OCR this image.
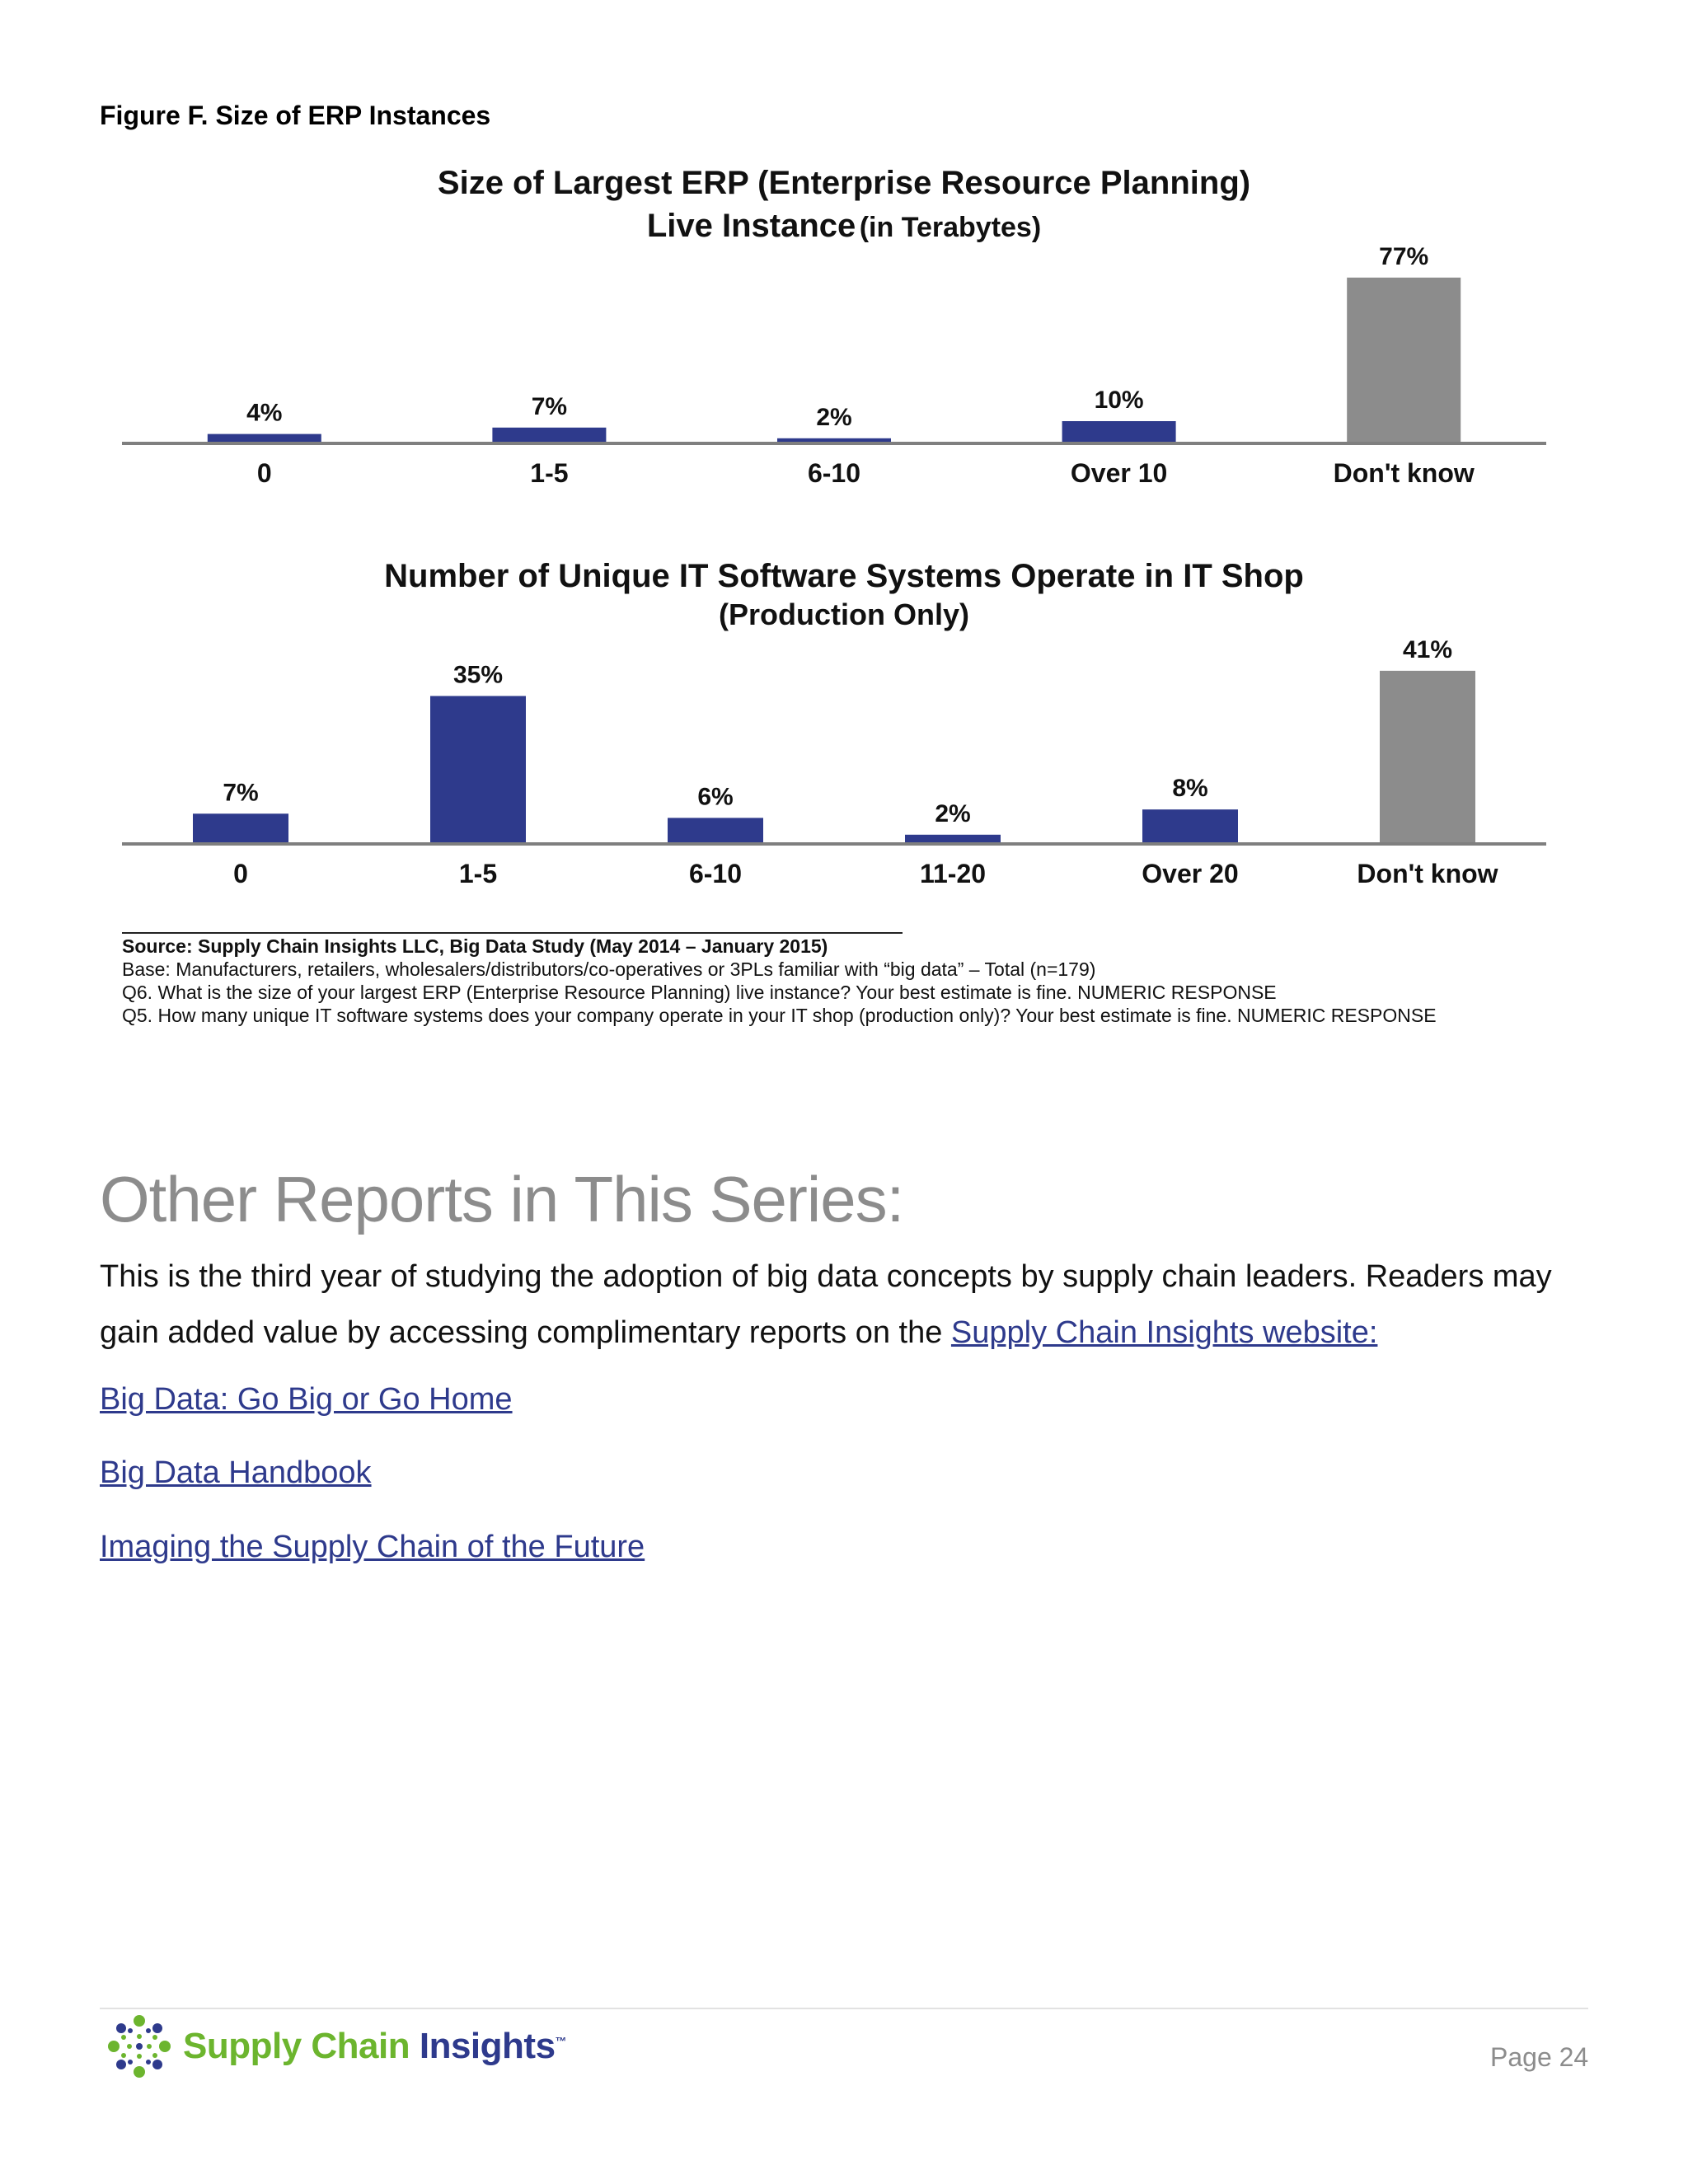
Figure F. Size of ERP Instances
Size of Largest ERP (Enterprise Resource Planning)
Live Instance (in Terabytes)
4%	7%	2%
10%
77%
0	1-5	6-10	Over 10	Don't know
Number of Unique IT Software Systems Operate in IT Shop
(Production Only)
7%
35%
6%
2%
8%
41%
0	1-5	6-10	11-20	Over 20	Don't know
Source: Supply Chain Insights LLC, Big Data Study (May 2014 – January 2015)
Base: Manufacturers, retailers, wholesalers/distributors/co-operatives or 3PLs familiar with “big data” – Total (n=179)
Q6. What is the size of your largest ERP (Enterprise Resource Planning) live instance? Your best estimate is fine. NUMERIC RESPONSE
Q5. How many unique IT software systems does your company operate in your IT shop (production only)? Your best estimate is fine. NUMERIC RESPONSE
Other Reports in This Series:
This is the third year of studying the adoption of big data concepts by supply chain leaders. Readers may gain added value by accessing complimentary reports on the Supply Chain Insights website:
Big Data: Go Big or Go Home
Big Data Handbook
Imaging the Supply Chain of the Future
Supply Chain Insights™
Page 24
